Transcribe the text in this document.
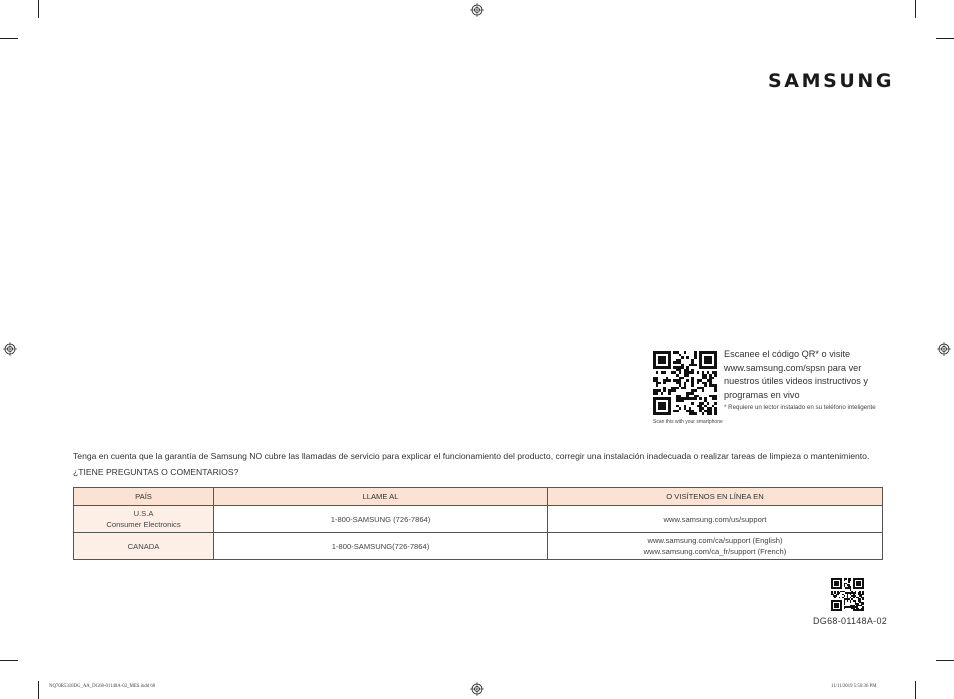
SAMSUNG
Escanee el código QR* o visite www.samsung.com/spsn para ver nuestros útiles videos instructivos y programas en vivo
* Requiere un lector instalado en su teléfono inteligente
Scan this with your smartphone
Tenga en cuenta que la garantía de Samsung NO cubre las llamadas de servicio para explicar el funcionamiento del producto, corregir una instalación inadecuada o realizar tareas de limpieza o mantenimiento.
¿TIENE PREGUNTAS O COMENTARIOS?
PAÍS	LLAME AL	O VISÍTENOS EN LÍNEA EN

U.S.A
Consumer Electronics	1-800-SAMSUNG (726-7864)	www.samsung.com/us/support

CANADA	1-800-SAMSUNG(726-7864)	www.samsung.com/ca/support (English)
www.samsung.com/ca_fr/support (French)
DG68-01148A-02
NQ70R5310DG_AA_DG68-01148A-02_MES.indd 68	11/11/2019 5:56:36 PM
